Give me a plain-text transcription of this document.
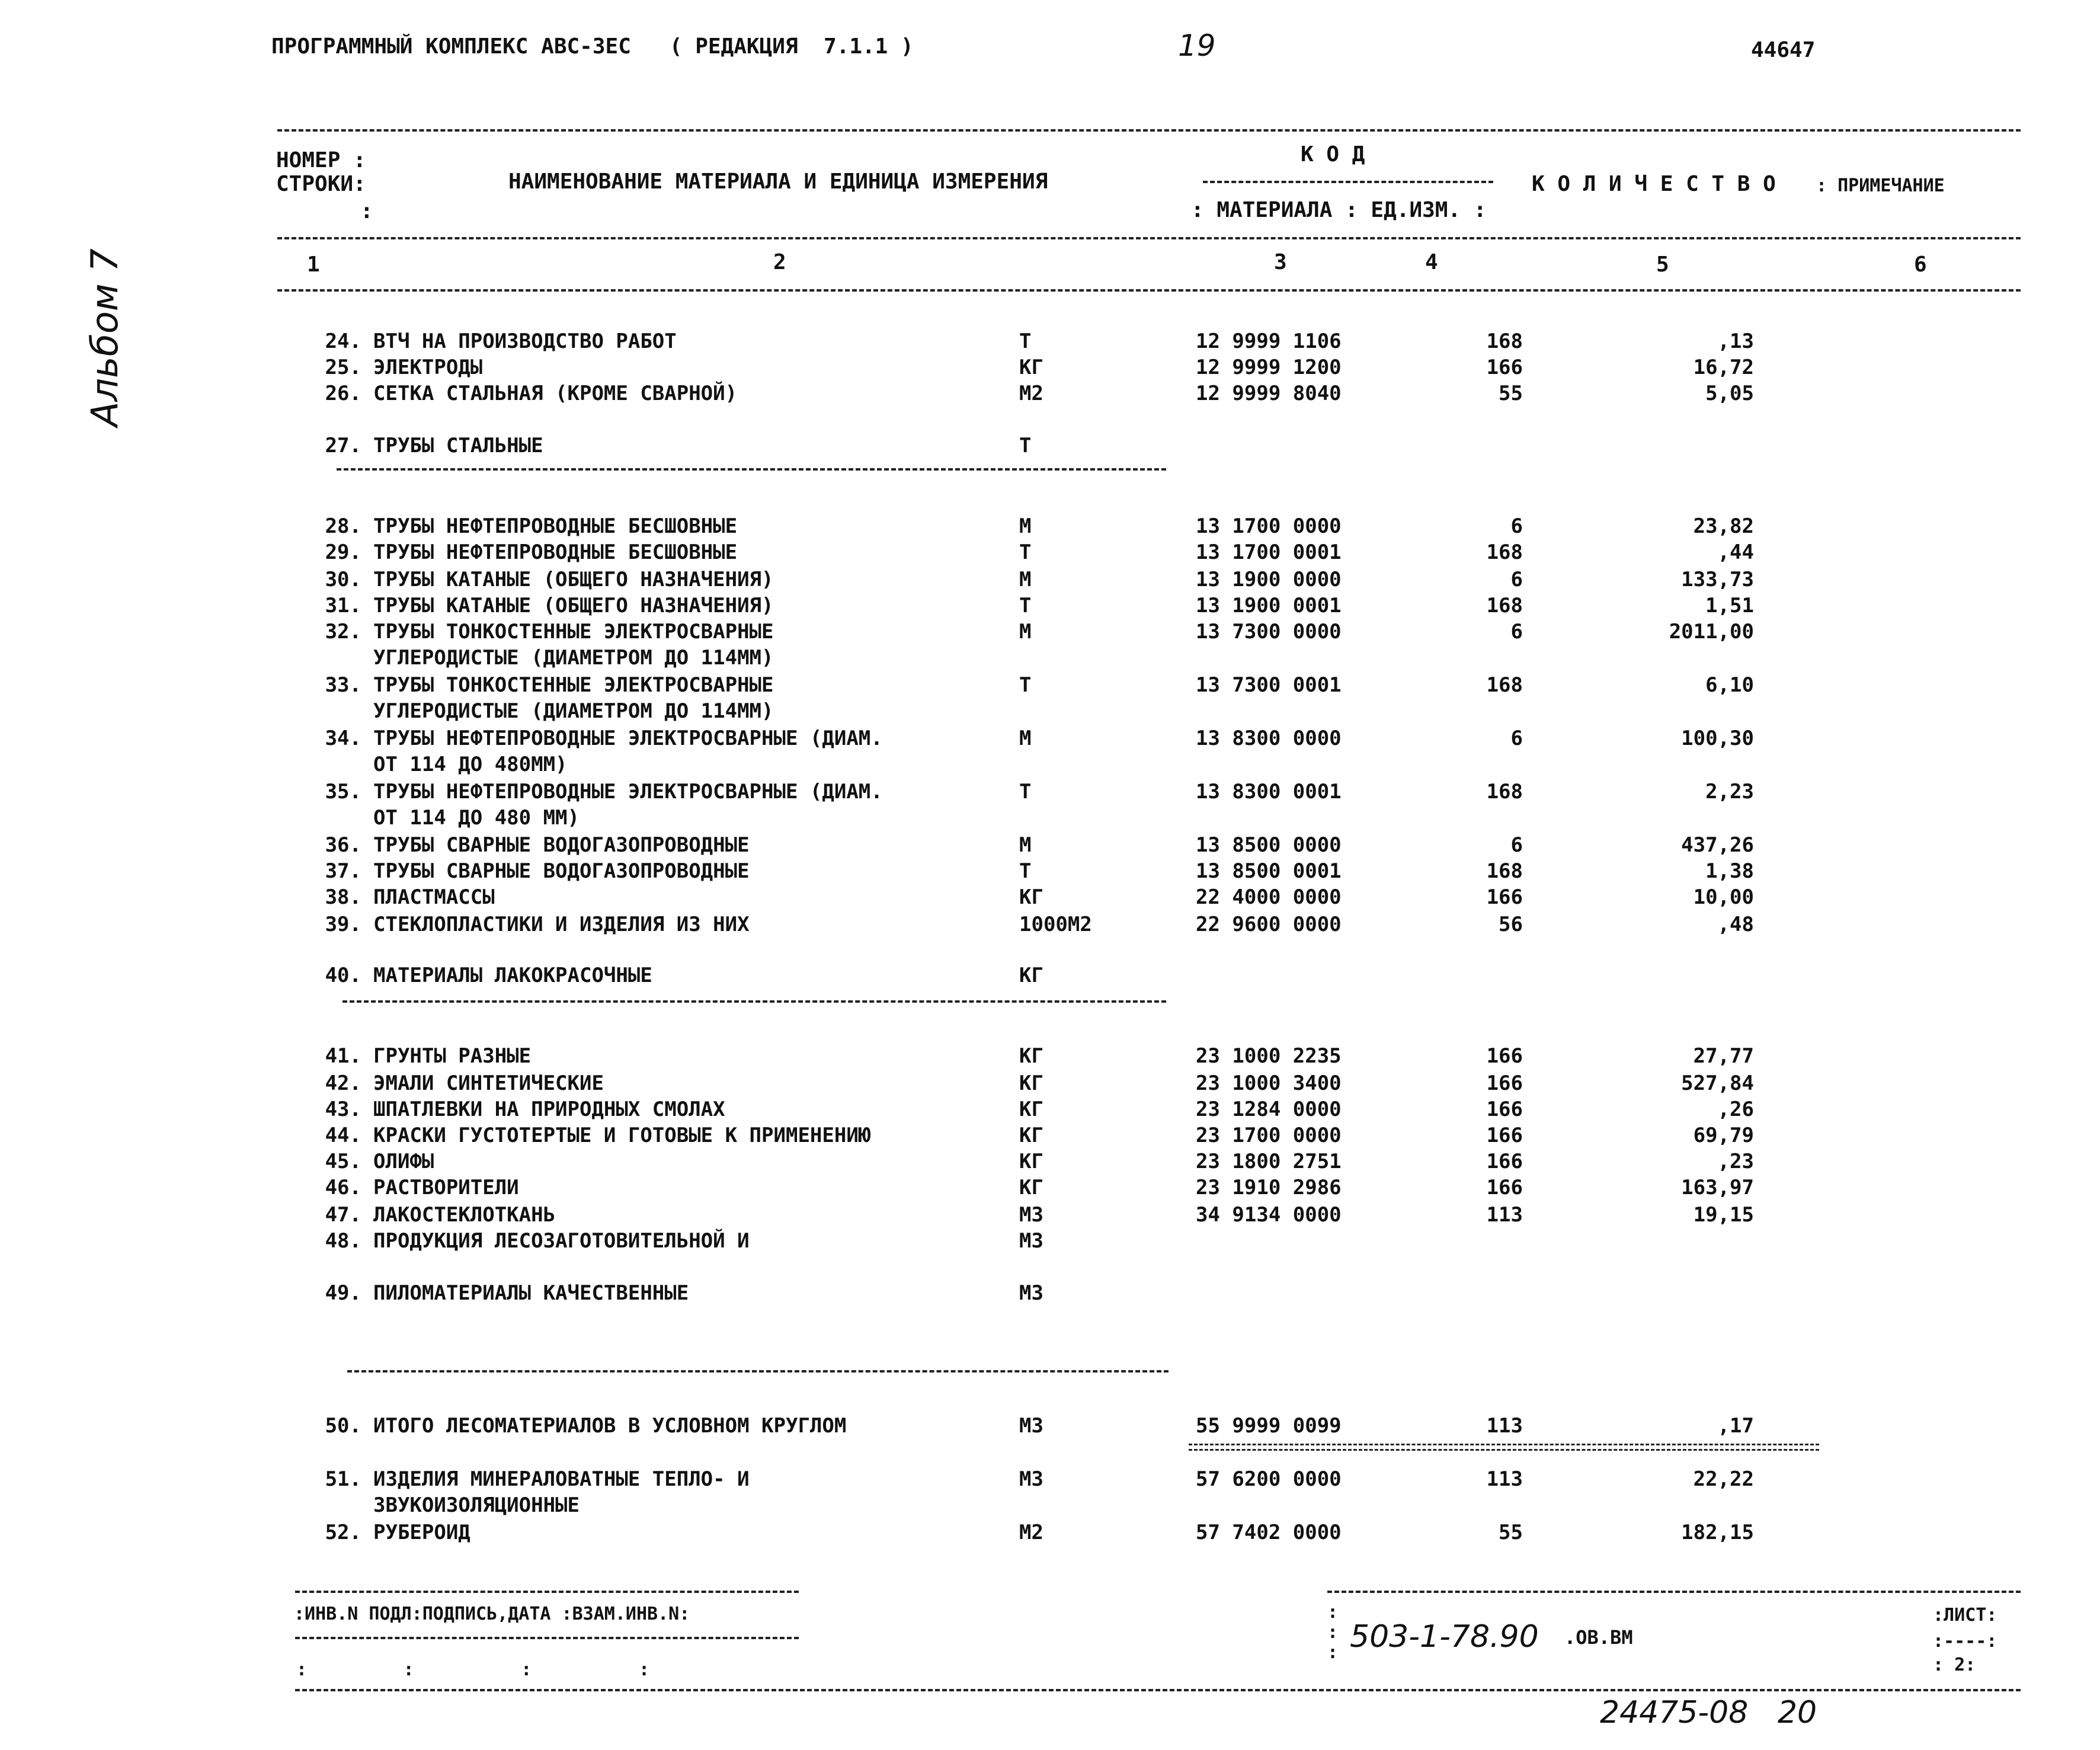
Альбом 7
ПРОГРАММНЫЙ КОМПЛЕКС АВС-3ЕС   ( РЕДАКЦИЯ  7.1.1 )	19	44647
НОМЕР :
СТРОКИ:
:
НАИМЕНОВАНИЕ МАТЕРИАЛА И ЕДИНИЦА ИЗМЕРЕНИЯ
К О Д
: МАТЕРИАЛА : ЕД.ИЗМ. :
К О Л И Ч Е С Т В О : ПРИМЕЧАНИЕ
1	2	3	4	5	6
24. ВТЧ НА ПРОИЗВОДСТВО РАБОТ	Т	12 9999 1106	168	,13
25. ЭЛЕКТРОДЫ	КГ	12 9999 1200	166	16,72
26. СЕТКА СТАЛЬНАЯ (КРОМЕ СВАРНОЙ)	М2	12 9999 8040	55	5,05
27. ТРУБЫ СТАЛЬНЫЕ	Т
28. ТРУБЫ НЕФТЕПРОВОДНЫЕ БЕСШОВНЫЕ	М	13 1700 0000	6	23,82
29. ТРУБЫ НЕФТЕПРОВОДНЫЕ БЕСШОВНЫЕ	Т	13 1700 0001	168	,44
30. ТРУБЫ КАТАНЫЕ (ОБЩЕГО НАЗНАЧЕНИЯ)	М	13 1900 0000	6	133,73
31. ТРУБЫ КАТАНЫЕ (ОБЩЕГО НАЗНАЧЕНИЯ)	Т	13 1900 0001	168	1,51
32. ТРУБЫ ТОНКОСТЕННЫЕ ЭЛЕКТРОСВАРНЫЕ	М	13 7300 0000	6	2011,00
УГЛЕРОДИСТЫЕ (ДИАМЕТРОМ ДО 114ММ)
33. ТРУБЫ ТОНКОСТЕННЫЕ ЭЛЕКТРОСВАРНЫЕ	Т	13 7300 0001	168	6,10
УГЛЕРОДИСТЫЕ (ДИАМЕТРОМ ДО 114ММ)
34. ТРУБЫ НЕФТЕПРОВОДНЫЕ ЭЛЕКТРОСВАРНЫЕ (ДИАМ.	М	13 8300 0000	6	100,30
ОТ 114 ДО 480ММ)
35. ТРУБЫ НЕФТЕПРОВОДНЫЕ ЭЛЕКТРОСВАРНЫЕ (ДИАМ.	Т	13 8300 0001	168	2,23
ОТ 114 ДО 480 ММ)
36. ТРУБЫ СВАРНЫЕ ВОДОГАЗОПРОВОДНЫЕ	М	13 8500 0000	6	437,26
37. ТРУБЫ СВАРНЫЕ ВОДОГАЗОПРОВОДНЫЕ	Т	13 8500 0001	168	1,38
38. ПЛАСТМАССЫ	КГ	22 4000 0000	166	10,00
39. СТЕКЛОПЛАСТИКИ И ИЗДЕЛИЯ ИЗ НИХ	1000М2	22 9600 0000	56	,48
40. МАТЕРИАЛЫ ЛАКОКРАСОЧНЫЕ	КГ
41. ГРУНТЫ РАЗНЫЕ	КГ	23 1000 2235	166	27,77
42. ЭМАЛИ СИНТЕТИЧЕСКИЕ	КГ	23 1000 3400	166	527,84
43. ШПАТЛЕВКИ НА ПРИРОДНЫХ СМОЛАХ	КГ	23 1284 0000	166	,26
44. КРАСКИ ГУСТОТЕРТЫЕ И ГОТОВЫЕ К ПРИМЕНЕНИЮ	КГ	23 1700 0000	166	69,79
45. ОЛИФЫ	КГ	23 1800 2751	166	,23
46. РАСТВОРИТЕЛИ	КГ	23 1910 2986	166	163,97
47. ЛАКОСТЕКЛОТКАНЬ	М3	34 9134 0000	113	19,15
48. ПРОДУКЦИЯ ЛЕСОЗАГОТОВИТЕЛЬНОЙ И	М3
49. ПИЛОМАТЕРИАЛЫ КАЧЕСТВЕННЫЕ	М3
50. ИТОГО ЛЕСОМАТЕРИАЛОВ В УСЛОВНОМ КРУГЛОМ	М3	55 9999 0099	113	,17
51. ИЗДЕЛИЯ МИНЕРАЛОВАТНЫЕ ТЕПЛО- И	М3	57 6200 0000	113	22,22
ЗВУКОИЗОЛЯЦИОННЫЕ
52. РУБЕРОИД	М2	57 7402 0000	55	182,15
:ИНВ.N ПОДЛ:ПОДПИСЬ,ДАТА :ВЗАМ.ИНВ.N:
:         :          :          :
:
:
: 503-1-78.90 .ОВ.ВМ
:ЛИСТ:
:----:
: 2:
24475-08   20
